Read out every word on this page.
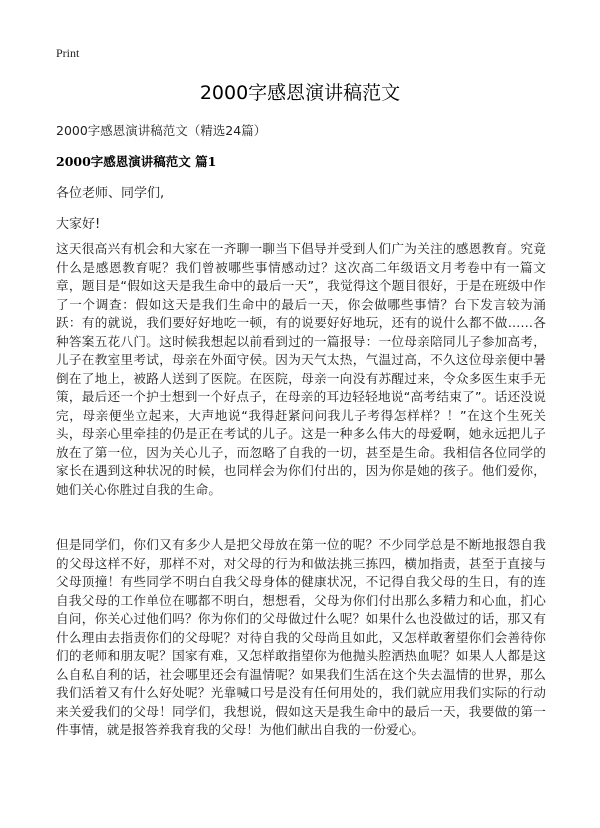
Print
2000字感恩演讲稿范文
2000字感恩演讲稿范文（精选24篇）
2000字感恩演讲稿范文 篇1
各位老师、同学们,
大家好!
这天很高兴有机会和大家在一齐聊一聊当下倡导并受到人们广为关注的感恩教育。究竟什么是感恩教育呢？我们曾被哪些事情感动过？这次高二年级语文月考卷中有一篇文章，题目是“假如这天是我生命中的最后一天”，我觉得这个题目很好，于是在班级中作了一个调查：假如这天是我们生命中的最后一天，你会做哪些事情？台下发言较为涌跃：有的就说，我们要好好地吃一顿，有的说要好好地玩，还有的说什么都不做……各种答案五花八门。这时候我想起以前看到过的一篇报导：一位母亲陪同儿子参加高考，儿子在教室里考试，母亲在外面守侯。因为天气太热，气温过高，不久这位母亲便中暑倒在了地上，被路人送到了医院。在医院，母亲一向没有苏醒过来，令众多医生束手无策，最后还一个护士想到一个好点子，在母亲的耳边轻轻地说“高考结束了”。话还没说完，母亲便坐立起来，大声地说“我得赶紧问问我儿子考得怎样样？！”在这个生死关头，母亲心里牵挂的仍是正在考试的儿子。这是一种多么伟大的母爱啊，她永远把儿子放在了第一位，因为关心儿子，而忽略了自我的一切，甚至是生命。我相信各位同学的家长在遇到这种状况的时候，也同样会为你们付出的，因为你是她的孩子。他们爱你，她们关心你胜过自我的生命。
但是同学们，你们又有多少人是把父母放在第一位的呢？不少同学总是不断地报怨自我的父母这样不好，那样不对，对父母的行为和做法挑三拣四，横加指责，甚至于直接与父母顶撞！有些同学不明白自我父母身体的健康状况，不记得自我父母的生日，有的连自我父母的工作单位在哪都不明白，想想看，父母为你们付出那么多精力和心血，扪心自问，你关心过他们吗？你为你们的父母做过什么呢？如果什么也没做过的话，那又有什么理由去指责你们的父母呢？对待自我的父母尚且如此，又怎样敢奢望你们会善待你们的老师和朋友呢？国家有难，又怎样敢指望你为他抛头腔洒热血呢？如果人人都是这么自私自利的话，社会哪里还会有温情呢？如果我们生活在这个失去温情的世界，那么我们活着又有什么好处呢？光靠喊口号是没有任何用处的，我们就应用我们实际的行动来关爱我们的父母！同学们，我想说，假如这天是我生命中的最后一天，我要做的第一件事情，就是报答养我育我的父母！为他们献出自我的一份爱心。
